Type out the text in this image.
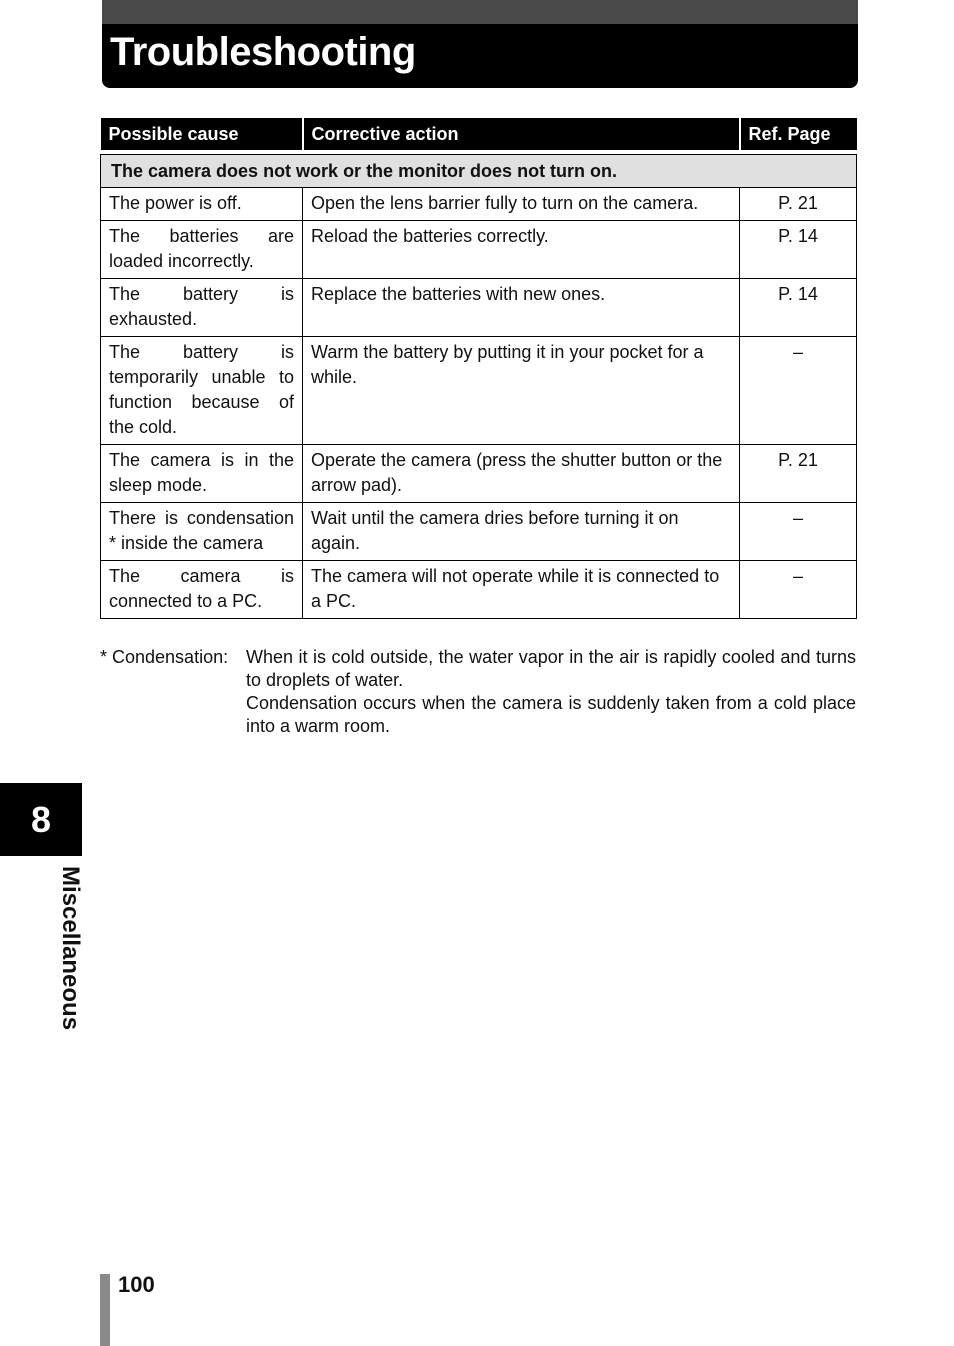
Troubleshooting
Possible cause	Corrective action	Ref. Page

The camera does not work or the monitor does not turn on.		
The power is off.	Open the lens barrier fully to turn on the camera.	P. 21
The batteries are loaded incorrectly.	Reload the batteries correctly.	P. 14
The battery is exhausted.	Replace the batteries with new ones.	P. 14
The battery is temporarily unable to function because of the cold.	Warm the battery by putting it in your pocket for a while.	–
The camera is in the sleep mode.	Operate the camera (press the shutter button or the arrow pad).	P. 21
There is condensation * inside the camera	Wait until the camera dries before turning it on again.	–
The camera is connected to a PC.	The camera will not operate while it is connected to a PC.	–
* Condensation: When it is cold outside, the water vapor in the air is rapidly cooled and turns to droplets of water.

Condensation occurs when the camera is suddenly taken from a cold place into a warm room.

8
Miscellaneous
100
